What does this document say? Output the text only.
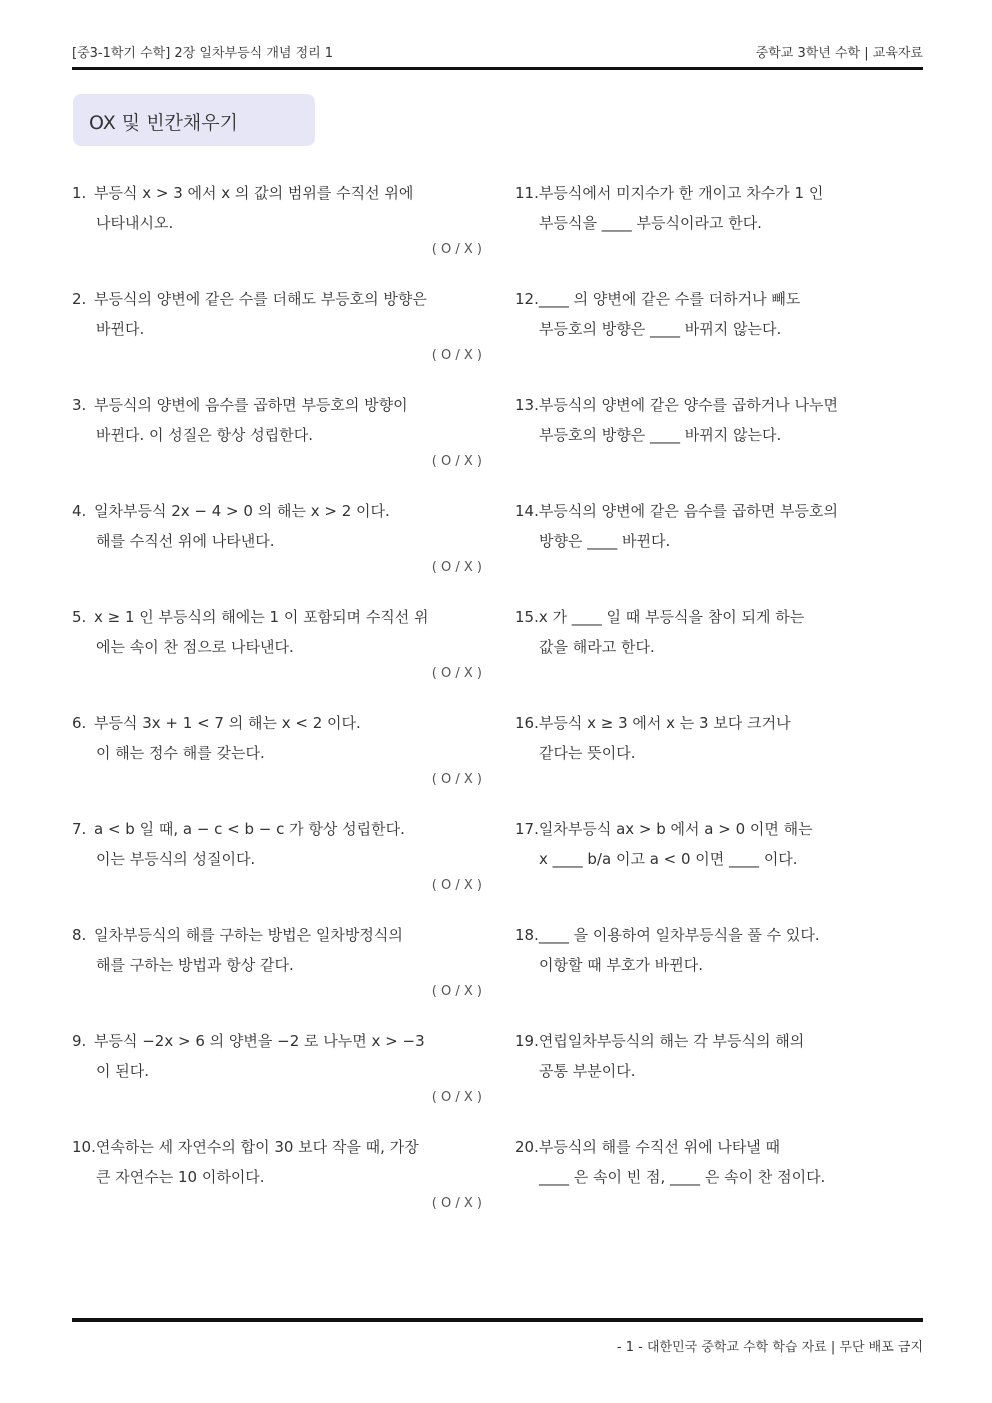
[중3-1학기 수학] 2장 일차부등식 개념 정리 1	중학교 3학년 수학 | 교육자료
OX 및 빈칸채우기
1. 부등식 x > 3 에서 x 의 값의 범위를 수직선 위에
나타내시오.
( O / X )
2. 부등식의 양변에 같은 수를 더해도 부등호의 방향은
바뀐다.
( O / X )
3. 부등식의 양변에 음수를 곱하면 부등호의 방향이
바뀐다. 이 성질은 항상 성립한다.
( O / X )
4. 일차부등식 2x − 4 > 0 의 해는 x > 2 이다.
해를 수직선 위에 나타낸다.
( O / X )
5. x ≥ 1 인 부등식의 해에는 1 이 포함되며 수직선 위
에는 속이 찬 점으로 나타낸다.
( O / X )
6. 부등식 3x + 1 < 7 의 해는 x < 2 이다.
이 해는 정수 해를 갖는다.
( O / X )
7. a < b 일 때, a − c < b − c 가 항상 성립한다.
이는 부등식의 성질이다.
( O / X )
8. 일차부등식의 해를 구하는 방법은 일차방정식의
해를 구하는 방법과 항상 같다.
( O / X )
9. 부등식 −2x > 6 의 양변을 −2 로 나누면 x > −3
이 된다.
( O / X )
10.연속하는 세 자연수의 합이 30 보다 작을 때, 가장
큰 자연수는 10 이하이다.
( O / X )
11.부등식에서 미지수가 한 개이고 차수가 1 인
부등식을 ____ 부등식이라고 한다.
12.____ 의 양변에 같은 수를 더하거나 빼도
부등호의 방향은 ____ 바뀌지 않는다.
13.부등식의 양변에 같은 양수를 곱하거나 나누면
부등호의 방향은 ____ 바뀌지 않는다.
14.부등식의 양변에 같은 음수를 곱하면 부등호의
방향은 ____ 바뀐다.
15.x 가 ____ 일 때 부등식을 참이 되게 하는
값을 해라고 한다.
16.부등식 x ≥ 3 에서 x 는 3 보다 크거나
같다는 뜻이다.
17.일차부등식 ax > b 에서 a > 0 이면 해는
x ____ b/a 이고 a < 0 이면 ____ 이다.
18.____ 을 이용하여 일차부등식을 풀 수 있다.
이항할 때 부호가 바뀐다.
19.연립일차부등식의 해는 각 부등식의 해의
공통 부분이다.
20.부등식의 해를 수직선 위에 나타낼 때
____ 은 속이 빈 점, ____ 은 속이 찬 점이다.
- 1 - 대한민국 중학교 수학 학습 자료 | 무단 배포 금지
